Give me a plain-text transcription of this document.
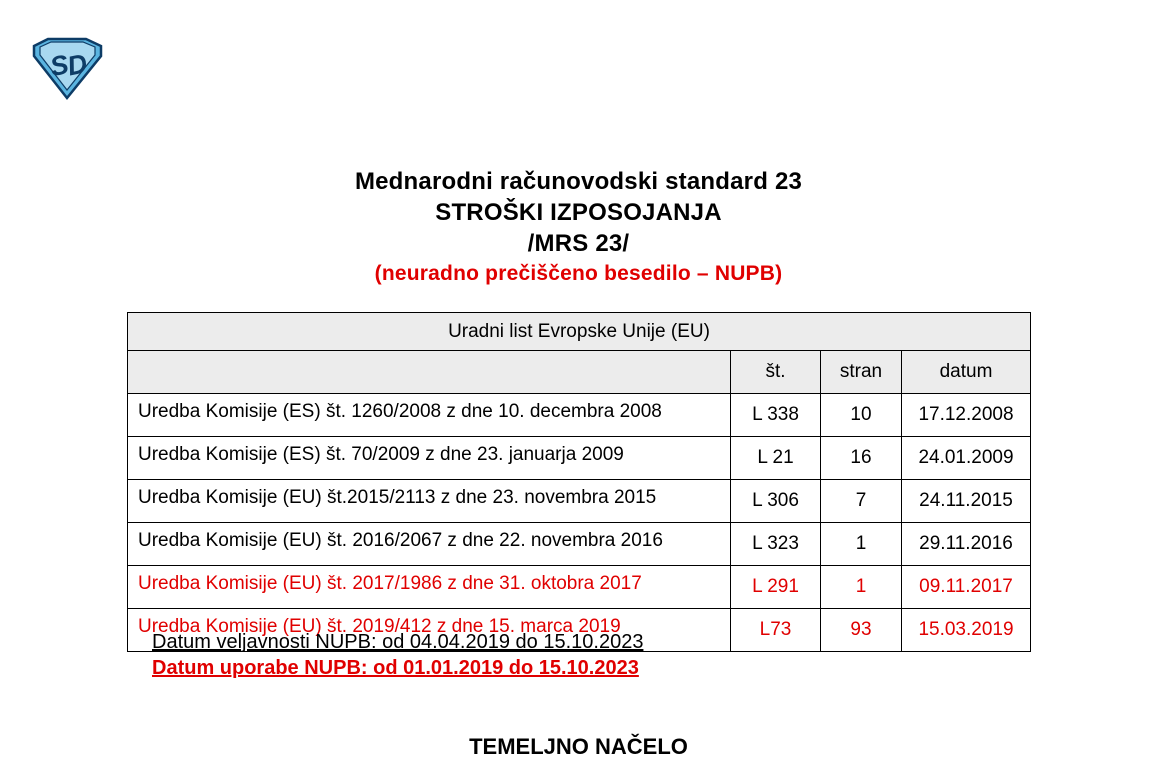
S
D
Mednarodni računovodski standard 23
STROŠKI IZPOSOJANJA
/MRS 23/
(neuradno prečiščeno besedilo – NUPB)
Uradni list Evropske Unije (EU)			
	št.	stran	datum
Uredba Komisije (ES) št. 1260/2008 z dne 10. decembra 2008	L 338	10	17.12.2008
Uredba Komisije (ES) št. 70/2009 z dne 23. januarja 2009	L 21	16	24.01.2009
Uredba Komisije (EU) št.2015/2113 z dne 23. novembra 2015	L 306	7	24.11.2015
Uredba Komisije (EU) št. 2016/2067 z dne 22. novembra 2016	L 323	1	29.11.2016
Uredba Komisije (EU) št. 2017/1986 z dne 31. oktobra 2017	L 291	1	09.11.2017
Uredba Komisije (EU) št. 2019/412 z dne 15. marca 2019	L73	93	15.03.2019
Datum veljavnosti NUPB: od 04.04.2019 do 15.10.2023
Datum uporabe NUPB: od 01.01.2019 do 15.10.2023
TEMELJNO NAČELO
